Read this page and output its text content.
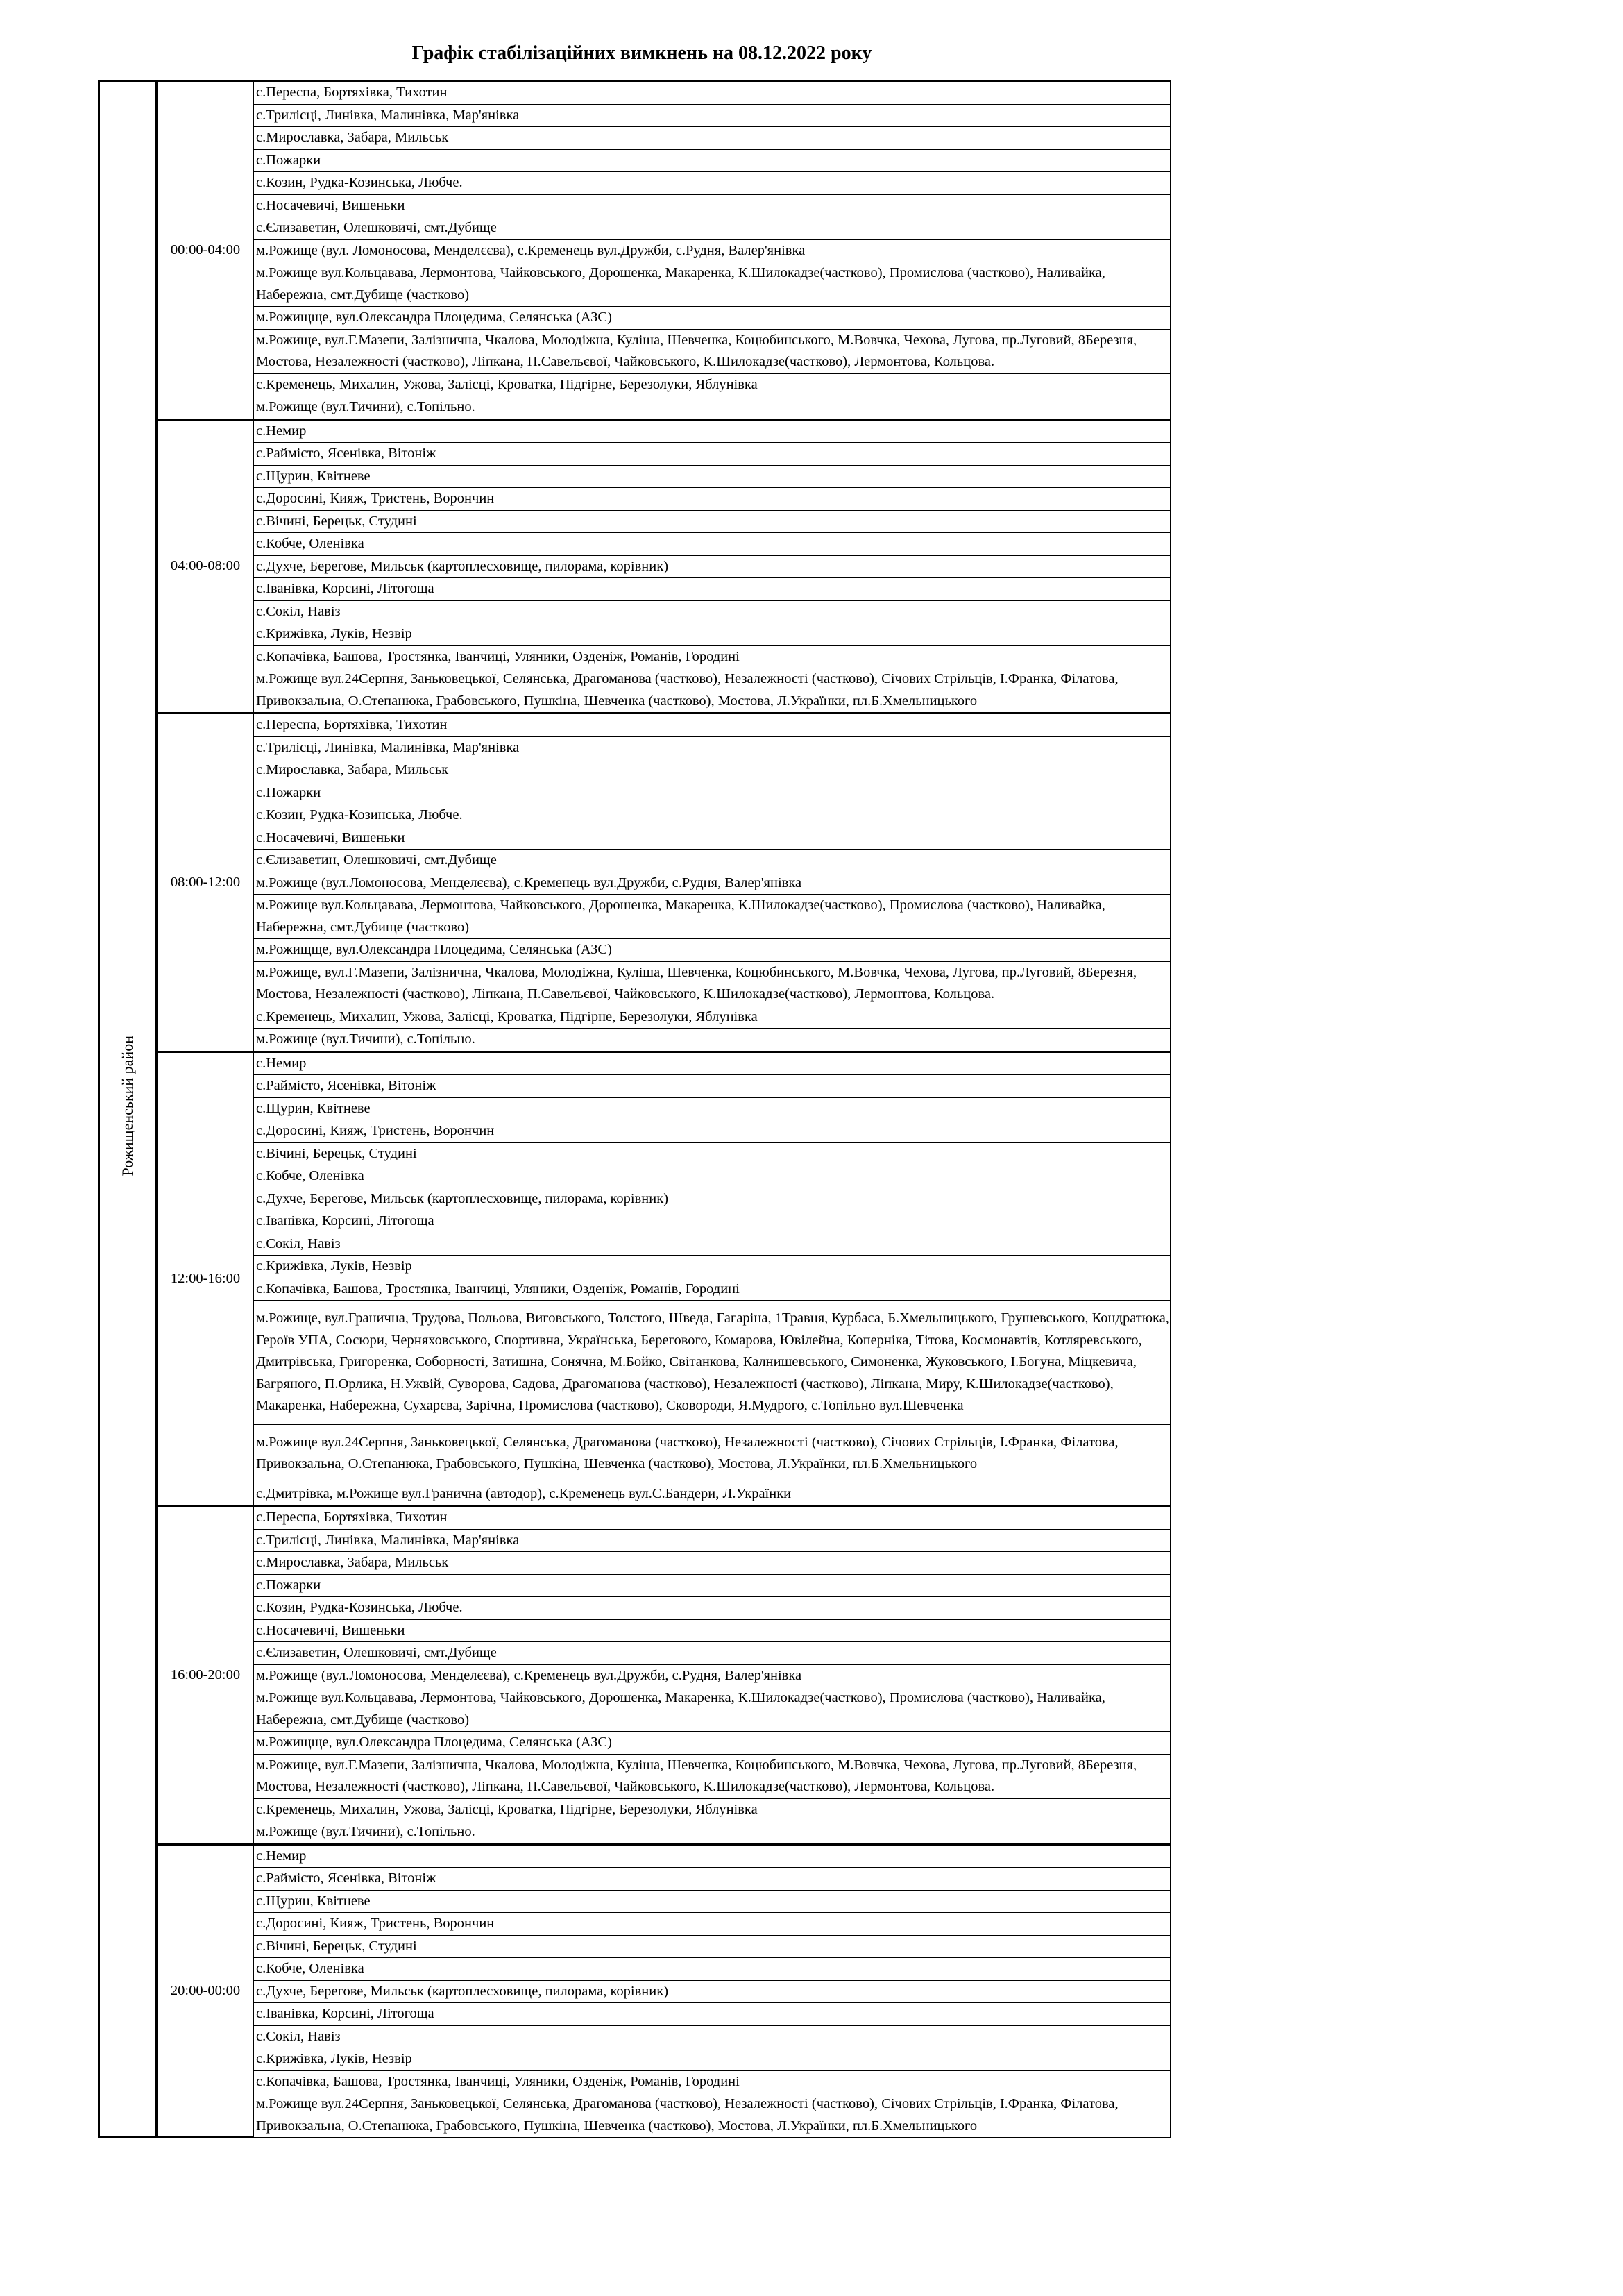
Графік стабілізаційних вимкнень на 08.12.2022 року
Рожищенський район	00:00-04:00	с.Переспа, Бортяхівка, Тихотин
		с.Трилісці, Линівка, Малинівка, Мар'янівка
		с.Мирославка, Забара, Мильськ
		с.Пожарки
		с.Козин, Рудка-Козинська, Любче.
		с.Носачевичі, Вишеньки
		с.Єлизаветин, Олешковичі, смт.Дубище
		м.Рожище (вул. Ломоносова, Менделєєва), с.Кременець вул.Дружби, с.Рудня, Валер'янівка
		м.Рожище вул.Кольцавава, Лермонтова, Чайковського, Дорошенка, Макаренка, К.Шилокадзе(частково), Промислова (частково), Наливайка, Набережна, смт.Дубище (частково)
		м.Рожищще, вул.Олександра Плоцедима, Селянська (АЗС)
		м.Рожище, вул.Г.Мазепи, Залізнична, Чкалова, Молодіжна, Куліша, Шевченка, Коцюбинського, М.Вовчка, Чехова, Лугова, пр.Луговий, 8Березня, Мостова, Незалежності (частково), Ліпкана, П.Савельєвої, Чайковського, К.Шилокадзе(частково), Лермонтова, Кольцова.
		с.Кременець, Михалин, Ужова, Залісці, Кроватка, Підгірне, Березолуки, Яблунівка
		м.Рожище (вул.Тичини), с.Топільно.
	04:00-08:00	с.Немир
		с.Раймісто, Ясенівка, Вітоніж
		с.Щурин, Квітневе
		с.Доросині, Кияж, Тристень, Ворончин
		с.Вічині, Берецьк, Студині
		с.Кобче, Оленівка
		с.Духче, Берегове, Мильськ (картоплесховище, пилорама, корівник)
		с.Іванівка, Корсині, Літогоща
		с.Сокіл, Навіз
		с.Крижівка, Луків, Незвір
		с.Копачівка, Башова, Тростянка, Іванчиці, Уляники, Озденіж, Романів, Городині
		м.Рожище вул.24Серпня, Заньковецької, Селянська, Драгоманова (частково), Незалежності (частково), Січових Стрільців, І.Франка, Філатова, Привокзальна, О.Степанюка, Грабовського, Пушкіна, Шевченка (частково), Мостова, Л.Українки, пл.Б.Хмельницького
	08:00-12:00	с.Переспа, Бортяхівка, Тихотин
		с.Трилісці, Линівка, Малинівка, Мар'янівка
		с.Мирославка, Забара, Мильськ
		с.Пожарки
		с.Козин, Рудка-Козинська, Любче.
		с.Носачевичі, Вишеньки
		с.Єлизаветин, Олешковичі, смт.Дубище
		м.Рожище (вул.Ломоносова, Менделєєва), с.Кременець вул.Дружби, с.Рудня, Валер'янівка
		м.Рожище вул.Кольцавава, Лермонтова, Чайковського, Дорошенка, Макаренка, К.Шилокадзе(частково), Промислова (частково), Наливайка, Набережна, смт.Дубище (частково)
		м.Рожищще, вул.Олександра Плоцедима, Селянська (АЗС)
		м.Рожище, вул.Г.Мазепи, Залізнична, Чкалова, Молодіжна, Куліша, Шевченка, Коцюбинського, М.Вовчка, Чехова, Лугова, пр.Луговий, 8Березня, Мостова, Незалежності (частково), Ліпкана, П.Савельєвої, Чайковського, К.Шилокадзе(частково), Лермонтова, Кольцова.
		с.Кременець, Михалин, Ужова, Залісці, Кроватка, Підгірне, Березолуки, Яблунівка
		м.Рожище (вул.Тичини), с.Топільно.
	12:00-16:00	с.Немир
		с.Раймісто, Ясенівка, Вітоніж
		с.Щурин, Квітневе
		с.Доросині, Кияж, Тристень, Ворончин
		с.Вічині, Берецьк, Студині
		с.Кобче, Оленівка
		с.Духче, Берегове, Мильськ (картоплесховище, пилорама, корівник)
		с.Іванівка, Корсині, Літогоща
		с.Сокіл, Навіз
		с.Крижівка, Луків, Незвір
		с.Копачівка, Башова, Тростянка, Іванчиці, Уляники, Озденіж, Романів, Городині
		м.Рожище, вул.Гранична, Трудова, Польова, Виговського, Толстого, Шведа, Гагаріна, 1Травня, Курбаса, Б.Хмельницького, Грушевського, Кондратюка, Героїв УПА, Сосюри, Черняховського, Спортивна, Українська, Берегового, Комарова, Ювілейна, Коперніка, Тітова, Космонавтів, Котляревського, Дмитрівська, Григоренка, Соборності, Затишна, Сонячна, М.Бойко, Світанкова, Калнишевського, Симоненка, Жуковського, І.Богуна, Міцкевича, Багряного, П.Орлика, Н.Ужвій, Суворова, Садова, Драгоманова (частково), Незалежності (частково), Ліпкана, Миру, К.Шилокадзе(частково), Макаренка, Набережна, Сухарєва, Зарічна, Промислова (частково), Сковороди, Я.Мудрого, с.Топільно вул.Шевченка
		м.Рожище вул.24Серпня, Заньковецької, Селянська, Драгоманова (частково), Незалежності (частково), Січових Стрільців, І.Франка, Філатова, Привокзальна, О.Степанюка, Грабовського, Пушкіна, Шевченка (частково), Мостова, Л.Українки, пл.Б.Хмельницького
		с.Дмитрівка, м.Рожище вул.Гранична (автодор), с.Кременець вул.С.Бандери, Л.Українки
	16:00-20:00	с.Переспа, Бортяхівка, Тихотин
		с.Трилісці, Линівка, Малинівка, Мар'янівка
		с.Мирославка, Забара, Мильськ
		с.Пожарки
		с.Козин, Рудка-Козинська, Любче.
		с.Носачевичі, Вишеньки
		с.Єлизаветин, Олешковичі, смт.Дубище
		м.Рожище (вул.Ломоносова, Менделєєва), с.Кременець вул.Дружби, с.Рудня, Валер'янівка
		м.Рожище вул.Кольцавава, Лермонтова, Чайковського, Дорошенка, Макаренка, К.Шилокадзе(частково), Промислова (частково), Наливайка, Набережна, смт.Дубище (частково)
		м.Рожищще, вул.Олександра Плоцедима, Селянська (АЗС)
		м.Рожище, вул.Г.Мазепи, Залізнична, Чкалова, Молодіжна, Куліша, Шевченка, Коцюбинського, М.Вовчка, Чехова, Лугова, пр.Луговий, 8Березня, Мостова, Незалежності (частково), Ліпкана, П.Савельєвої, Чайковського, К.Шилокадзе(частково), Лермонтова, Кольцова.
		с.Кременець, Михалин, Ужова, Залісці, Кроватка, Підгірне, Березолуки, Яблунівка
		м.Рожище (вул.Тичини), с.Топільно.
	20:00-00:00	с.Немир
		с.Раймісто, Ясенівка, Вітоніж
		с.Щурин, Квітневе
		с.Доросині, Кияж, Тристень, Ворончин
		с.Вічині, Берецьк, Студині
		с.Кобче, Оленівка
		с.Духче, Берегове, Мильськ (картоплесховище, пилорама, корівник)
		с.Іванівка, Корсині, Літогоща
		с.Сокіл, Навіз
		с.Крижівка, Луків, Незвір
		с.Копачівка, Башова, Тростянка, Іванчиці, Уляники, Озденіж, Романів, Городині
		м.Рожище вул.24Серпня, Заньковецької, Селянська, Драгоманова (частково), Незалежності (частково), Січових Стрільців, І.Франка, Філатова, Привокзальна, О.Степанюка, Грабовського, Пушкіна, Шевченка (частково), Мостова, Л.Українки, пл.Б.Хмельницького
